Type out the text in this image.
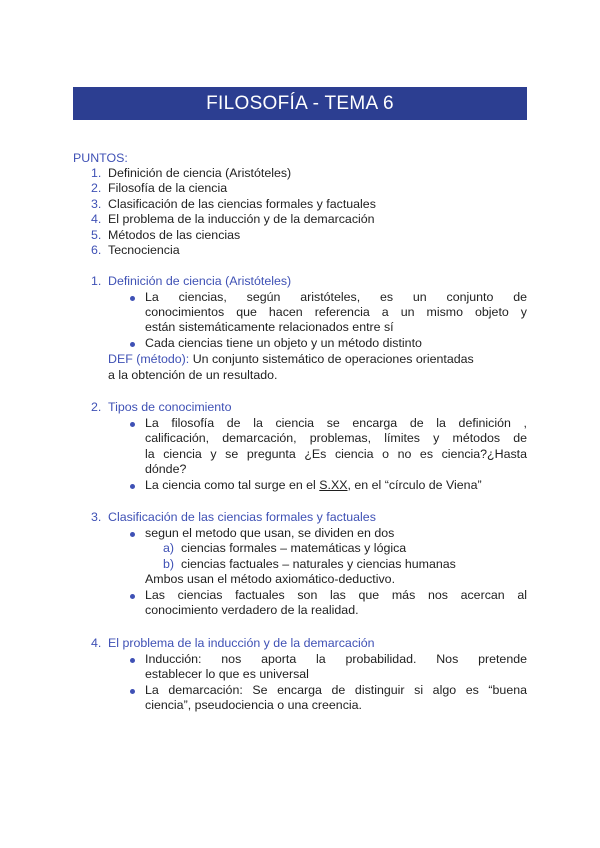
FILOSOFÍA - TEMA 6
PUNTOS:
1. Definición de ciencia (Aristóteles)
2. Filosofía de la ciencia
3. Clasificación de las ciencias formales y factuales
4. El problema de la inducción y de la demarcación
5. Métodos de las ciencias
6. Tecnociencia
1. Definición de ciencia (Aristóteles)
La ciencias, según aristóteles, es un conjunto de
conocimientos que hacen referencia a un mismo objeto y
están sistemáticamente relacionados entre sí
Cada ciencias tiene un objeto y un método distinto
DEF (método): Un conjunto sistemático de operaciones orientadas
a la obtención de un resultado.
2. Tipos de conocimiento
La filosofía de la ciencia se encarga de la definición ,
calificación, demarcación, problemas, límites y métodos de
la ciencia y se pregunta ¿Es ciencia o no es ciencia?¿Hasta
dónde?
La ciencia como tal surge en el S.XX, en el “círculo de Viena”
3. Clasificación de las ciencias formales y factuales
segun el metodo que usan, se dividen en dos
a) ciencias formales – matemáticas y lógica
b) ciencias factuales – naturales y ciencias humanas
Ambos usan el método axiomático-deductivo.
Las ciencias factuales son las que más nos acercan al
conocimiento verdadero de la realidad.
4. El problema de la inducción y de la demarcación
Inducción: nos aporta la probabilidad. Nos pretende
establecer lo que es universal
La demarcación: Se encarga de distinguir si algo es “buena
ciencia”, pseudociencia o una creencia.
